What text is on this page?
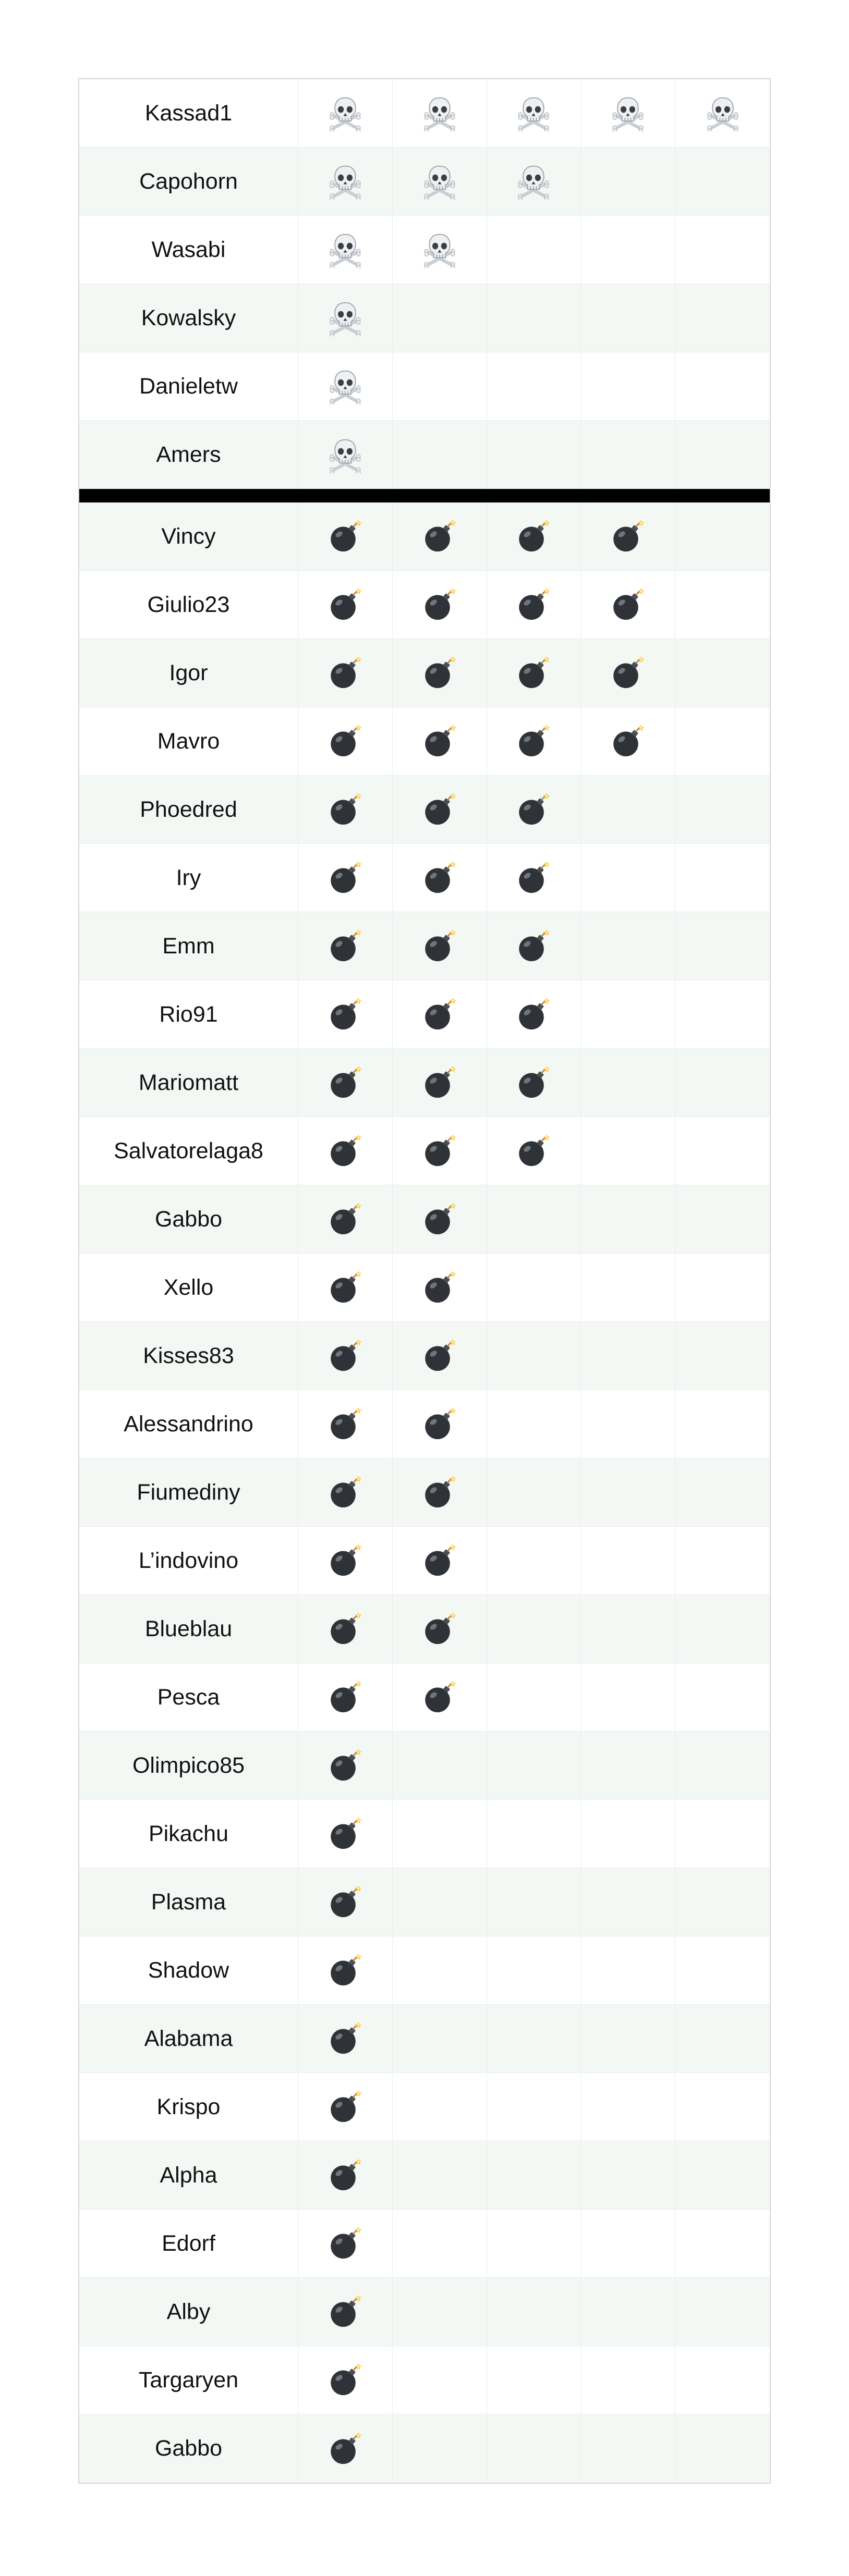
Kassad1
Capohorn
Wasabi
Kowalsky
Danieletw
Amers
Vincy
Giulio23
Igor
Mavro
Phoedred
Iry
Emm
Rio91
Mariomatt
Salvatorelaga8
Gabbo
Xello
Kisses83
Alessandrino
Fiumediny
L’indovino
Blueblau
Pesca
Olimpico85
Pikachu
Plasma
Shadow
Alabama
Krispo
Alpha
Edorf
Alby
Targaryen
Gabbo
